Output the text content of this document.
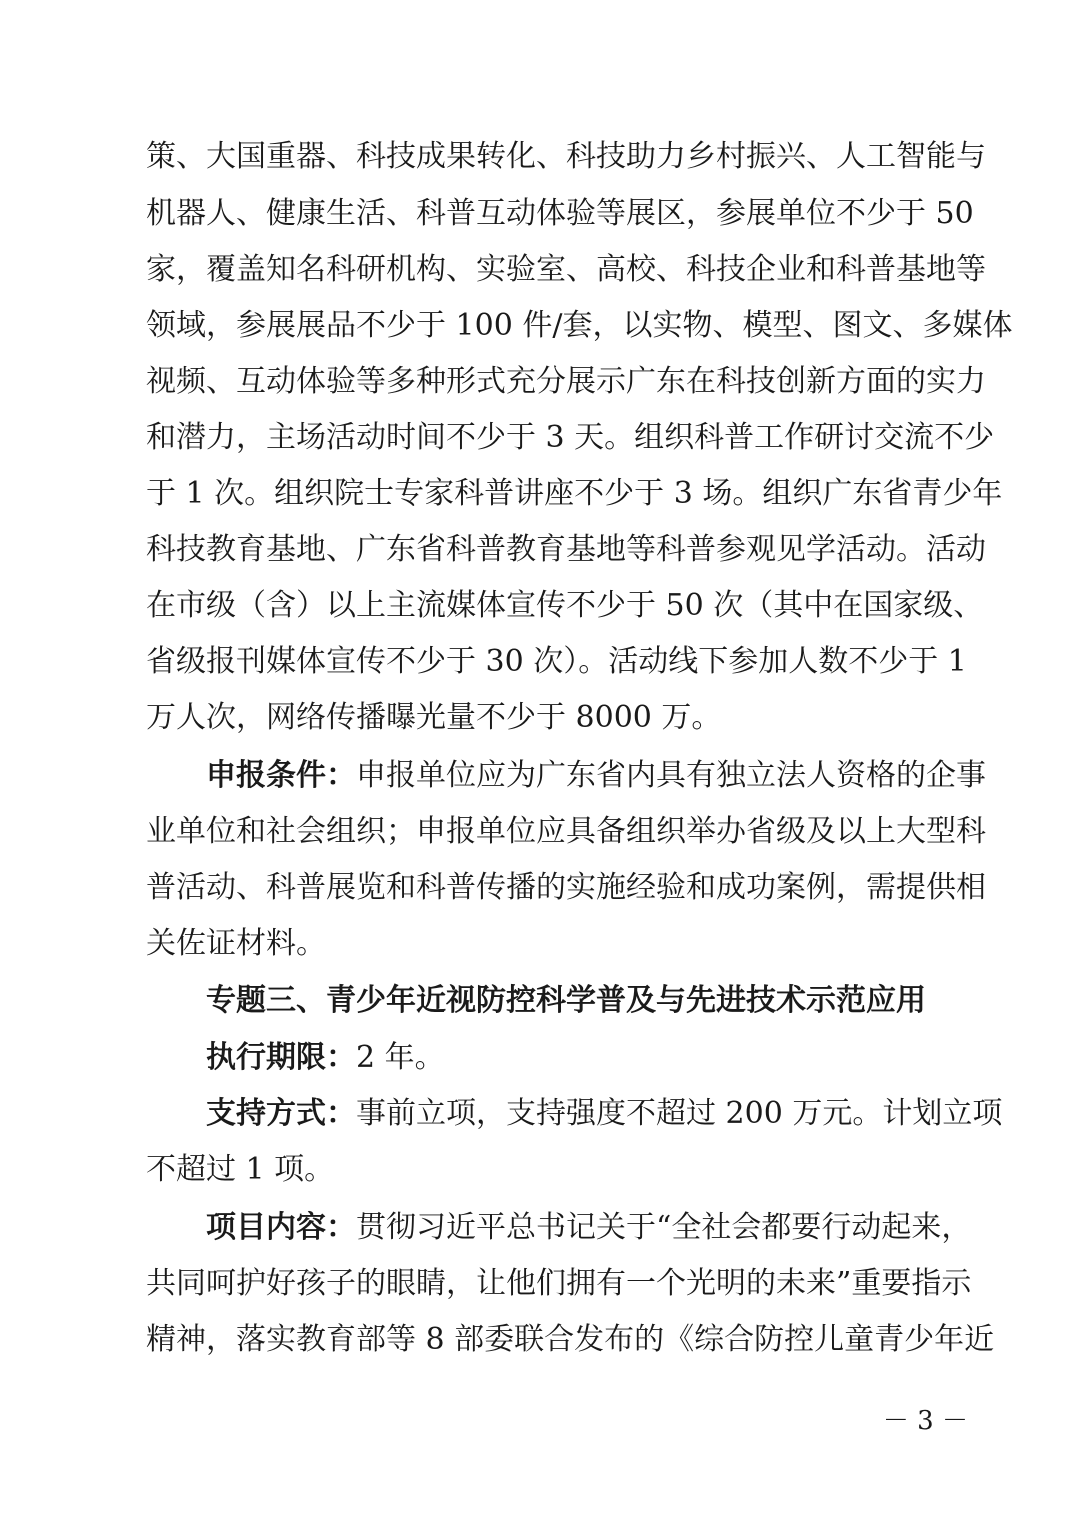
策、大国重器、科技成果转化、科技助力乡村振兴、人工智能与
机器人、健康生活、科普互动体验等展区，参展单位不少于 50
家，覆盖知名科研机构、实验室、高校、科技企业和科普基地等
领域，参展展品不少于 100 件/套，以实物、模型、图文、多媒体
视频、互动体验等多种形式充分展示广东在科技创新方面的实力
和潜力，主场活动时间不少于 3 天。组织科普工作研讨交流不少
于 1 次。组织院士专家科普讲座不少于 3 场。组织广东省青少年
科技教育基地、广东省科普教育基地等科普参观见学活动。活动
在市级（含）以上主流媒体宣传不少于 50 次（其中在国家级、
省级报刊媒体宣传不少于 30 次）。活动线下参加人数不少于 1
万人次，网络传播曝光量不少于 8000 万。
申报条件：申报单位应为广东省内具有独立法人资格的企事
业单位和社会组织；申报单位应具备组织举办省级及以上大型科
普活动、科普展览和科普传播的实施经验和成功案例，需提供相
关佐证材料。
专题三、青少年近视防控科学普及与先进技术示范应用
执行期限：2 年。
支持方式：事前立项，支持强度不超过 200 万元。计划立项
不超过 1 项。
项目内容：贯彻习近平总书记关于“全社会都要行动起来，
共同呵护好孩子的眼睛，让他们拥有一个光明的未来”重要指示
精神，落实教育部等 8 部委联合发布的《综合防控儿童青少年近
－ 3 －
